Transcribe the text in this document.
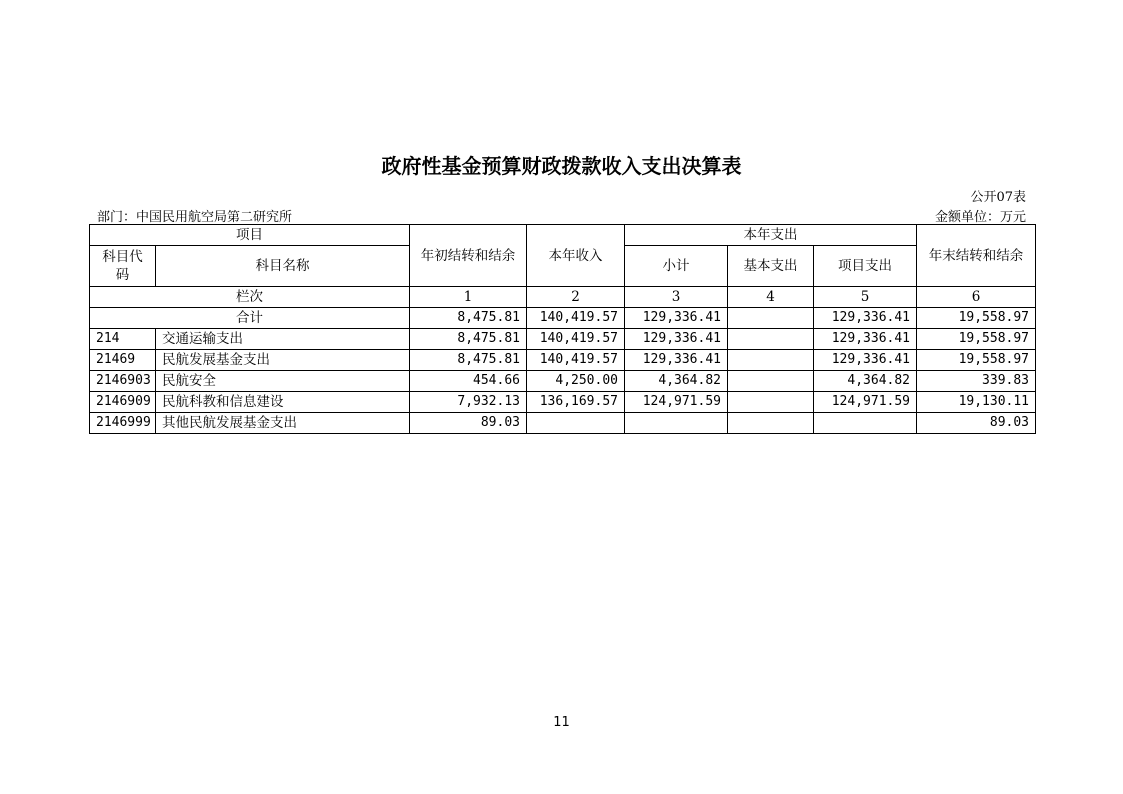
政府性基金预算财政拨款收入支出决算表
公开07表
部门：中国民用航空局第二研究所	金额单位：万元
项目		年初结转和结余	本年收入	本年支出			年末结转和结余
科目代码	科目名称			小计	基本支出	项目支出	
栏次		1	2	3	4	5	6
合计		8,475.81	140,419.57	129,336.41		129,336.41	19,558.97
214	交通运输支出	8,475.81	140,419.57	129,336.41		129,336.41	19,558.97
21469	民航发展基金支出	8,475.81	140,419.57	129,336.41		129,336.41	19,558.97
2146903	民航安全	454.66	4,250.00	4,364.82		4,364.82	339.83
2146909	民航科教和信息建设	7,932.13	136,169.57	124,971.59		124,971.59	19,130.11
2146999	其他民航发展基金支出	89.03					89.03
11
